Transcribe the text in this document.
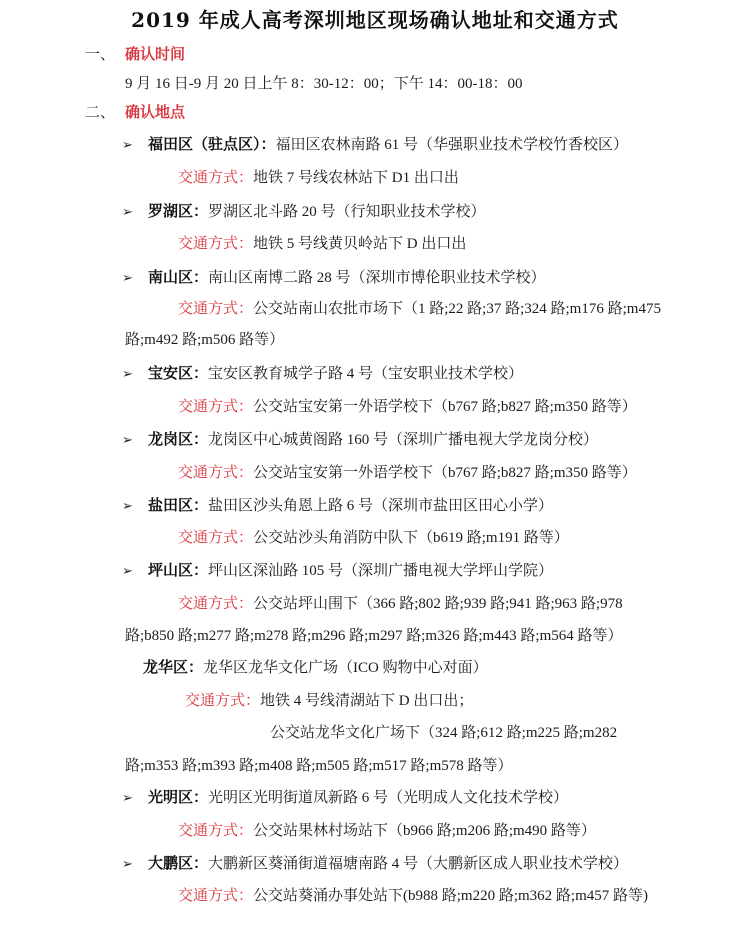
2019 年成人高考深圳地区现场确认地址和交通方式
一、 确认时间
9 月 16 日-9 月 20 日上午 8：30-12：00；下午 14：00-18：00
二、 确认地点
➢ 福田区（驻点区）：福田区农林南路 61 号（华强职业技术学校竹香校区）
交通方式：地铁 7 号线农林站下 D1 出口出
➢ 罗湖区：罗湖区北斗路 20 号（行知职业技术学校）
交通方式：地铁 5 号线黄贝岭站下 D 出口出
➢ 南山区：南山区南博二路 28 号（深圳市博伦职业技术学校）
交通方式：公交站南山农批市场下（1 路;22 路;37 路;324 路;m176 路;m475
路;m492 路;m506 路等）
➢ 宝安区：宝安区教育城学子路 4 号（宝安职业技术学校）
交通方式：公交站宝安第一外语学校下（b767 路;b827 路;m350 路等）
➢ 龙岗区：龙岗区中心城黄阁路 160 号（深圳广播电视大学龙岗分校）
交通方式：公交站宝安第一外语学校下（b767 路;b827 路;m350 路等）
➢ 盐田区：盐田区沙头角恩上路 6 号（深圳市盐田区田心小学）
交通方式：公交站沙头角消防中队下（b619 路;m191 路等）
➢ 坪山区：坪山区深汕路 105 号（深圳广播电视大学坪山学院）
交通方式：公交站坪山围下（366 路;802 路;939 路;941 路;963 路;978
路;b850 路;m277 路;m278 路;m296 路;m297 路;m326 路;m443 路;m564 路等）
龙华区：龙华区龙华文化广场（ICO 购物中心对面）
交通方式：地铁 4 号线清湖站下 D 出口出；
公交站龙华文化广场下（324 路;612 路;m225 路;m282
路;m353 路;m393 路;m408 路;m505 路;m517 路;m578 路等）
➢ 光明区：光明区光明街道凤新路 6 号（光明成人文化技术学校）
交通方式：公交站果林村场站下（b966 路;m206 路;m490 路等）
➢ 大鹏区：大鹏新区葵涌街道福塘南路 4 号（大鹏新区成人职业技术学校）
交通方式：公交站葵涌办事处站下(b988 路;m220 路;m362 路;m457 路等)
